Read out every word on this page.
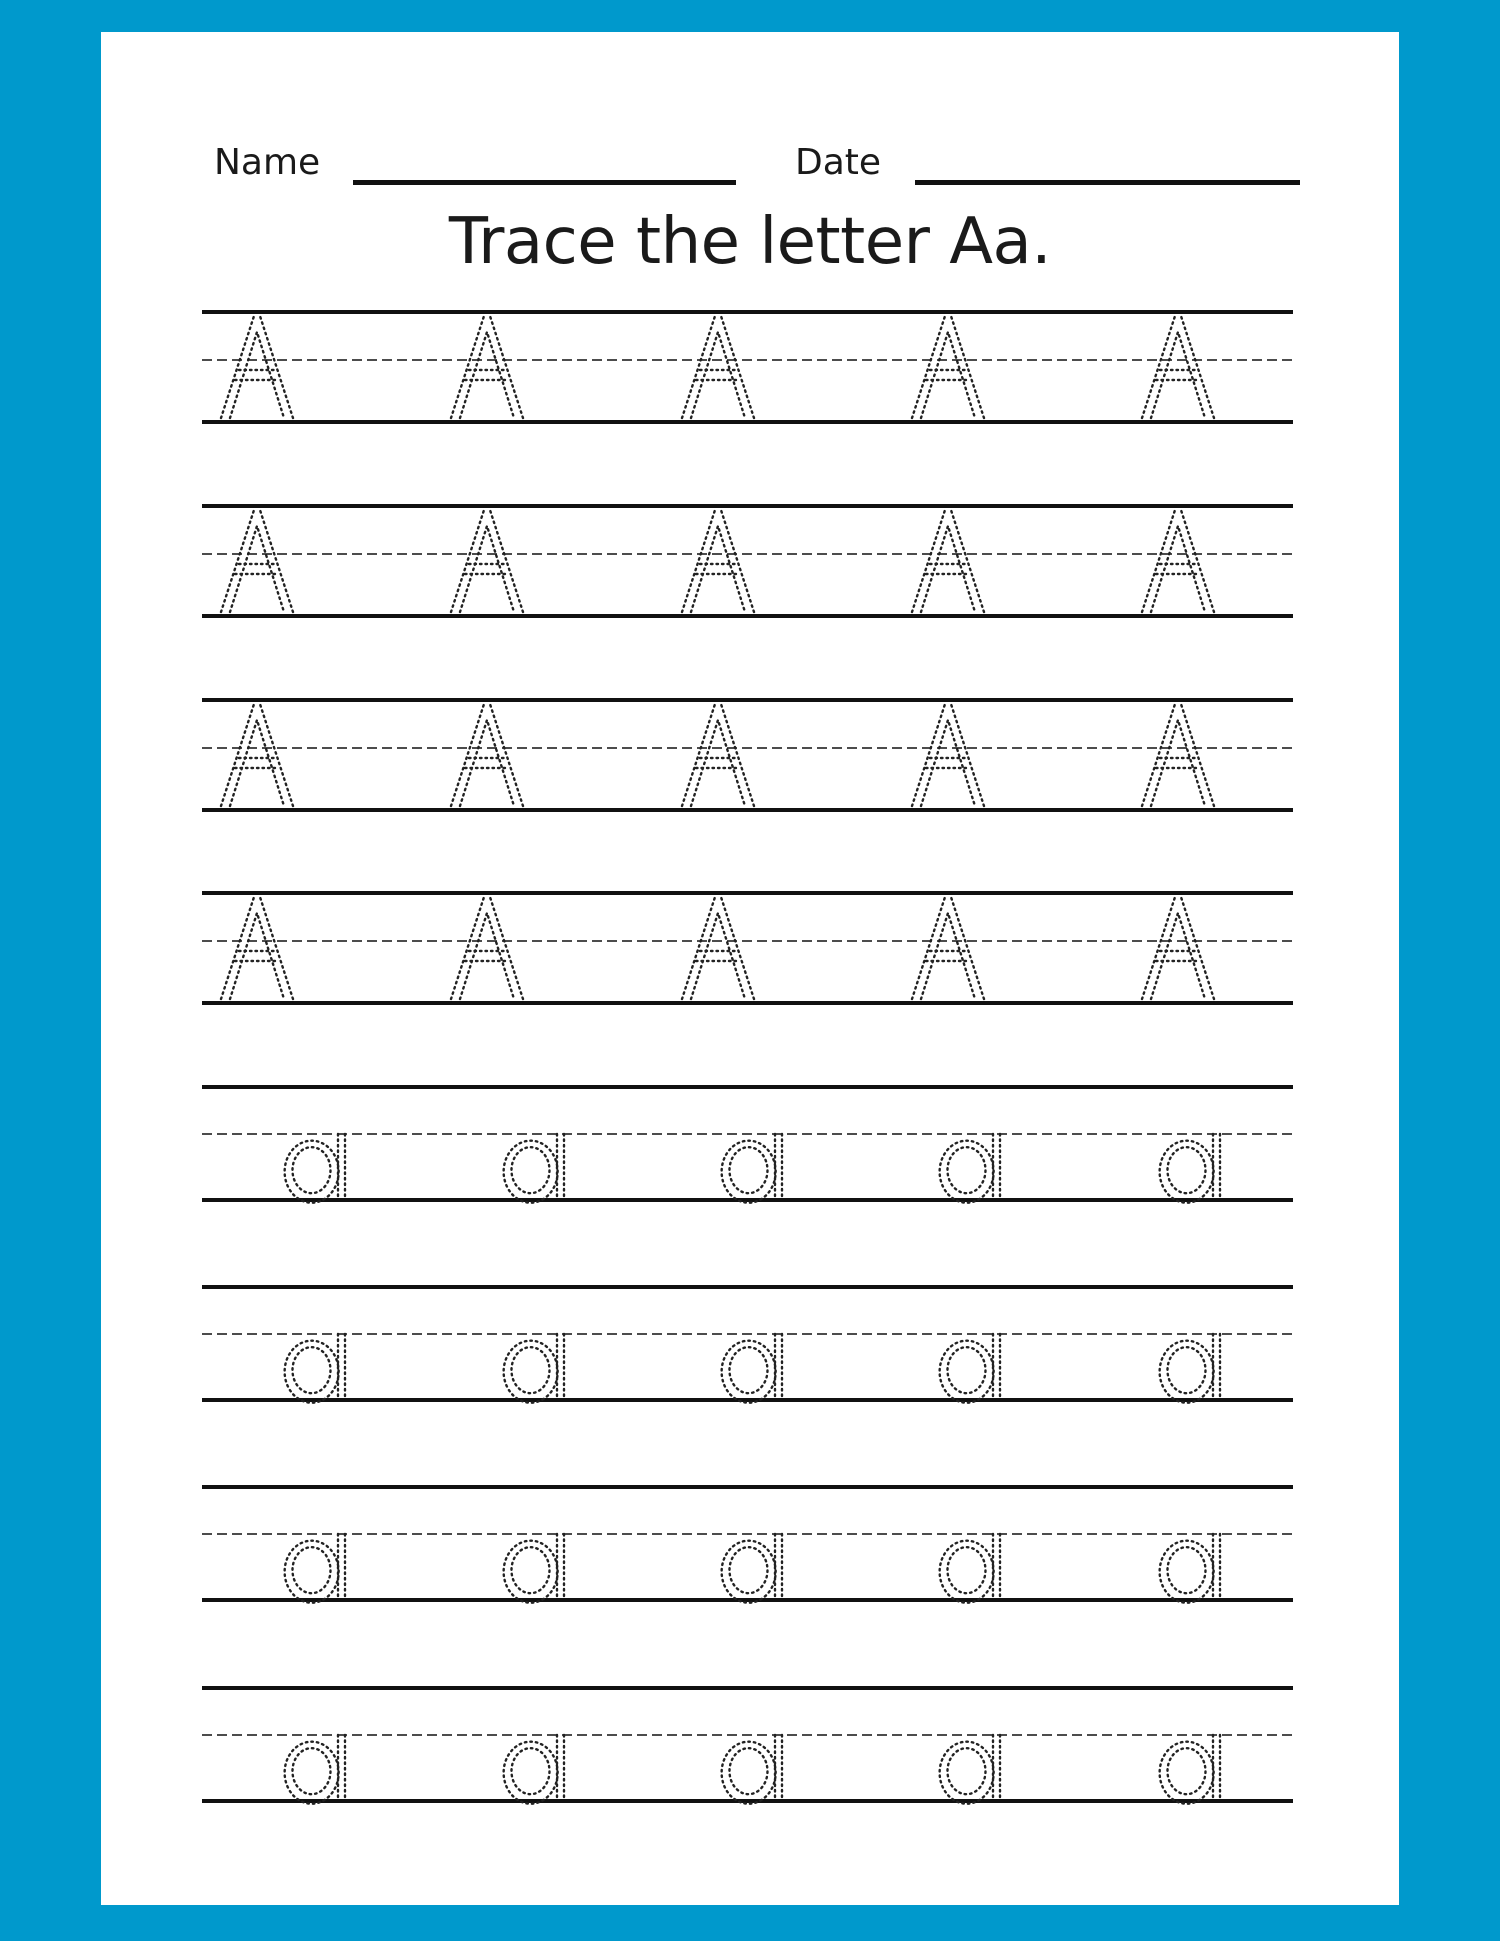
Name	Date
Trace the letter Aa.
